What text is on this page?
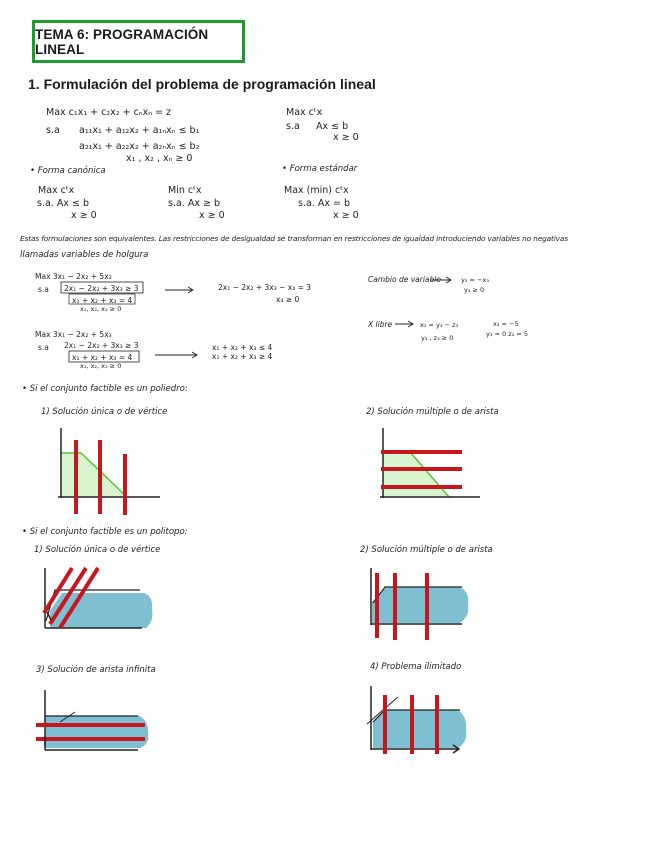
TEMA 6: PROGRAMACIÓN LINEAL
1. Formulación del problema de programación lineal
Max c₁x₁ + c₂x₂ + cₙxₙ = z
s.a a₁₁x₁ + a₁₂x₂ + a₁ₙxₙ ≤ b₁
a₂₁x₁ + a₂₂x₂ + a₂ₙxₙ ≤ b₂
x₁ , x₂ , xₙ ≥ 0
Max cᵗx
s.a Ax ≤ b
x ≥ 0
• Forma canónica	• Forma estándar
Max cᵗx
s.a. Ax ≤ b
x ≥ 0
Min cᵗx
s.a. Ax ≥ b
x ≥ 0
Max (min) cᵗx
s.a. Ax = b
x ≥ 0
Estas formulaciones son equivalentes. Las restricciones de desigualdad se transforman en restricciones de igualdad introduciendo variables no negativas
llamadas variables de holgura
Max 3x₁ − 2x₂ + 5x₃
s.a 2x₁ − 2x₂ + 3x₃ ≥ 3
x₁ + x₂ + x₃ = 4
x₁, x₂, x₃ ≥ 0
2x₁ − 2x₂ + 3x₃ − x₄ = 3
x₄ ≥ 0
Max 3x₁ − 2x₂ + 5x₃
s.a 2x₁ − 2x₂ + 3x₃ ≥ 3
x₁ + x₂ + x₃ = 4
x₁, x₂, x₃ ≥ 0
x₁ + x₂ + x₃ ≤ 4
x₁ + x₂ + x₃ ≥ 4
Cambio de variable	y₃ = −x₃
y₃ ≥ 0
X libre	x₃ = y₃ − z₃
y₃ , z₃ ≥ 0
x₃ = −5
y₃ = 0 z₃ = 5
• Si el conjunto factible es un poliedro:
1) Solución única o de vértice	2) Solución múltiple o de arista
• Si el conjunto factible es un politopo:
1) Solución única o de vértice	2) Solución múltiple o de arista
3) Solución de arista infinita	4) Problema ilimitado
